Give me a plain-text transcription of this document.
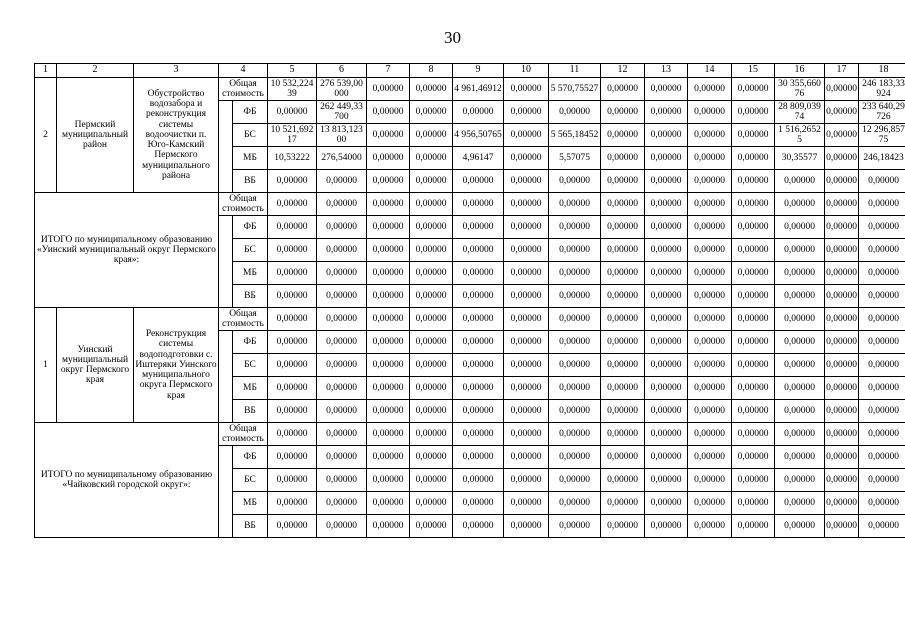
30
1	2	3	4		5	6	7	8	9	10	11	12	13	14	15	16	17	18
2	Пермский муниципальный район	Обустройство водозабора и реконструкция системы водоочистки п. Юго-Камский Пермского муниципального района	Общая стоимость		10 532,22439	276 539,00000	0,00000	0,00000	4 961,46912	0,00000	5 570,75527	0,00000	0,00000	0,00000	0,00000	30 355,66076	0,00000	246 183,33924
	ФБ	0,00000	262 449,33700	0,00000	0,00000	0,00000	0,00000	0,00000	0,00000	0,00000	0,00000	0,00000	28 809,03974	0,00000	233 640,29726
				БС	10 521,69217	13 813,12300	0,00000	0,00000	4 956,50765	0,00000	5 565,18452	0,00000	0,00000	0,00000	0,00000	1 516,26525	0,00000	12 296,85775
				МБ	10,53222	276,54000	0,00000	0,00000	4,96147	0,00000	5,57075	0,00000	0,00000	0,00000	0,00000	30,35577	0,00000	246,18423
				ВБ	0,00000	0,00000	0,00000	0,00000	0,00000	0,00000	0,00000	0,00000	0,00000	0,00000	0,00000	0,00000	0,00000	0,00000
ИТОГО по муниципальному образованию «Уинский муниципальный округ Пермского края»:			Общая стоимость		0,00000	0,00000	0,00000	0,00000	0,00000	0,00000	0,00000	0,00000	0,00000	0,00000	0,00000	0,00000	0,00000	0,00000
	ФБ	0,00000	0,00000	0,00000	0,00000	0,00000	0,00000	0,00000	0,00000	0,00000	0,00000	0,00000	0,00000	0,00000	0,00000
				БС	0,00000	0,00000	0,00000	0,00000	0,00000	0,00000	0,00000	0,00000	0,00000	0,00000	0,00000	0,00000	0,00000	0,00000
				МБ	0,00000	0,00000	0,00000	0,00000	0,00000	0,00000	0,00000	0,00000	0,00000	0,00000	0,00000	0,00000	0,00000	0,00000
				ВБ	0,00000	0,00000	0,00000	0,00000	0,00000	0,00000	0,00000	0,00000	0,00000	0,00000	0,00000	0,00000	0,00000	0,00000
1	Уинский муниципальный округ Пермского края	Реконструкция системы водоподготовки с. Иштеряки Уинского муниципального округа Пермского края	Общая стоимость		0,00000	0,00000	0,00000	0,00000	0,00000	0,00000	0,00000	0,00000	0,00000	0,00000	0,00000	0,00000	0,00000	0,00000
	ФБ	0,00000	0,00000	0,00000	0,00000	0,00000	0,00000	0,00000	0,00000	0,00000	0,00000	0,00000	0,00000	0,00000	0,00000
				БС	0,00000	0,00000	0,00000	0,00000	0,00000	0,00000	0,00000	0,00000	0,00000	0,00000	0,00000	0,00000	0,00000	0,00000
				МБ	0,00000	0,00000	0,00000	0,00000	0,00000	0,00000	0,00000	0,00000	0,00000	0,00000	0,00000	0,00000	0,00000	0,00000
				ВБ	0,00000	0,00000	0,00000	0,00000	0,00000	0,00000	0,00000	0,00000	0,00000	0,00000	0,00000	0,00000	0,00000	0,00000
ИТОГО по муниципальному образованию «Чайковский городской округ»:			Общая стоимость		0,00000	0,00000	0,00000	0,00000	0,00000	0,00000	0,00000	0,00000	0,00000	0,00000	0,00000	0,00000	0,00000	0,00000
	ФБ	0,00000	0,00000	0,00000	0,00000	0,00000	0,00000	0,00000	0,00000	0,00000	0,00000	0,00000	0,00000	0,00000	0,00000
				БС	0,00000	0,00000	0,00000	0,00000	0,00000	0,00000	0,00000	0,00000	0,00000	0,00000	0,00000	0,00000	0,00000	0,00000
				МБ	0,00000	0,00000	0,00000	0,00000	0,00000	0,00000	0,00000	0,00000	0,00000	0,00000	0,00000	0,00000	0,00000	0,00000
				ВБ	0,00000	0,00000	0,00000	0,00000	0,00000	0,00000	0,00000	0,00000	0,00000	0,00000	0,00000	0,00000	0,00000	0,00000
